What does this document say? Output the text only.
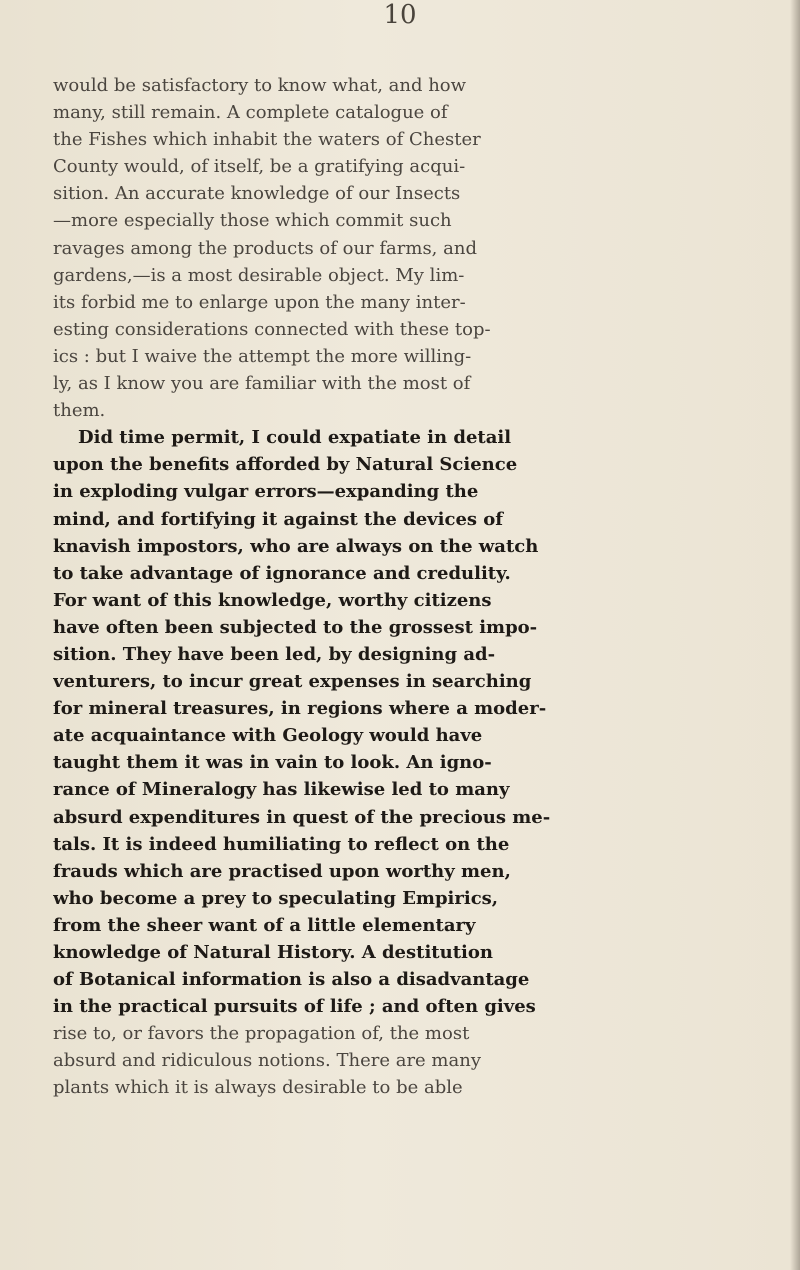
10
would be satisfactory to know what, and how
many, still remain. A complete catalogue of
the Fishes which inhabit the waters of Chester
County would, of itself, be a gratifying acqui-
sition. An accurate knowledge of our Insects
—more especially those which commit such
ravages among the products of our farms, and
gardens,—is a most desirable object. My lim-
its forbid me to enlarge upon the many inter-
esting considerations connected with these top-
ics : but I waive the attempt the more willing-
ly, as I know you are familiar with the most of
them.
Did time permit, I could expatiate in detail
upon the benefits afforded by Natural Science
in exploding vulgar errors—expanding the
mind, and fortifying it against the devices of
knavish impostors, who are always on the watch
to take advantage of ignorance and credulity.
For want of this knowledge, worthy citizens
have often been subjected to the grossest impo-
sition. They have been led, by designing ad-
venturers, to incur great expenses in searching
for mineral treasures, in regions where a moder-
ate acquaintance with Geology would have
taught them it was in vain to look. An igno-
rance of Mineralogy has likewise led to many
absurd expenditures in quest of the precious me-
tals. It is indeed humiliating to reflect on the
frauds which are practised upon worthy men,
who become a prey to speculating Empirics,
from the sheer want of a little elementary
knowledge of Natural History. A destitution
of Botanical information is also a disadvantage
in the practical pursuits of life ; and often gives
rise to, or favors the propagation of, the most
absurd and ridiculous notions. There are many
plants which it is always desirable to be able
